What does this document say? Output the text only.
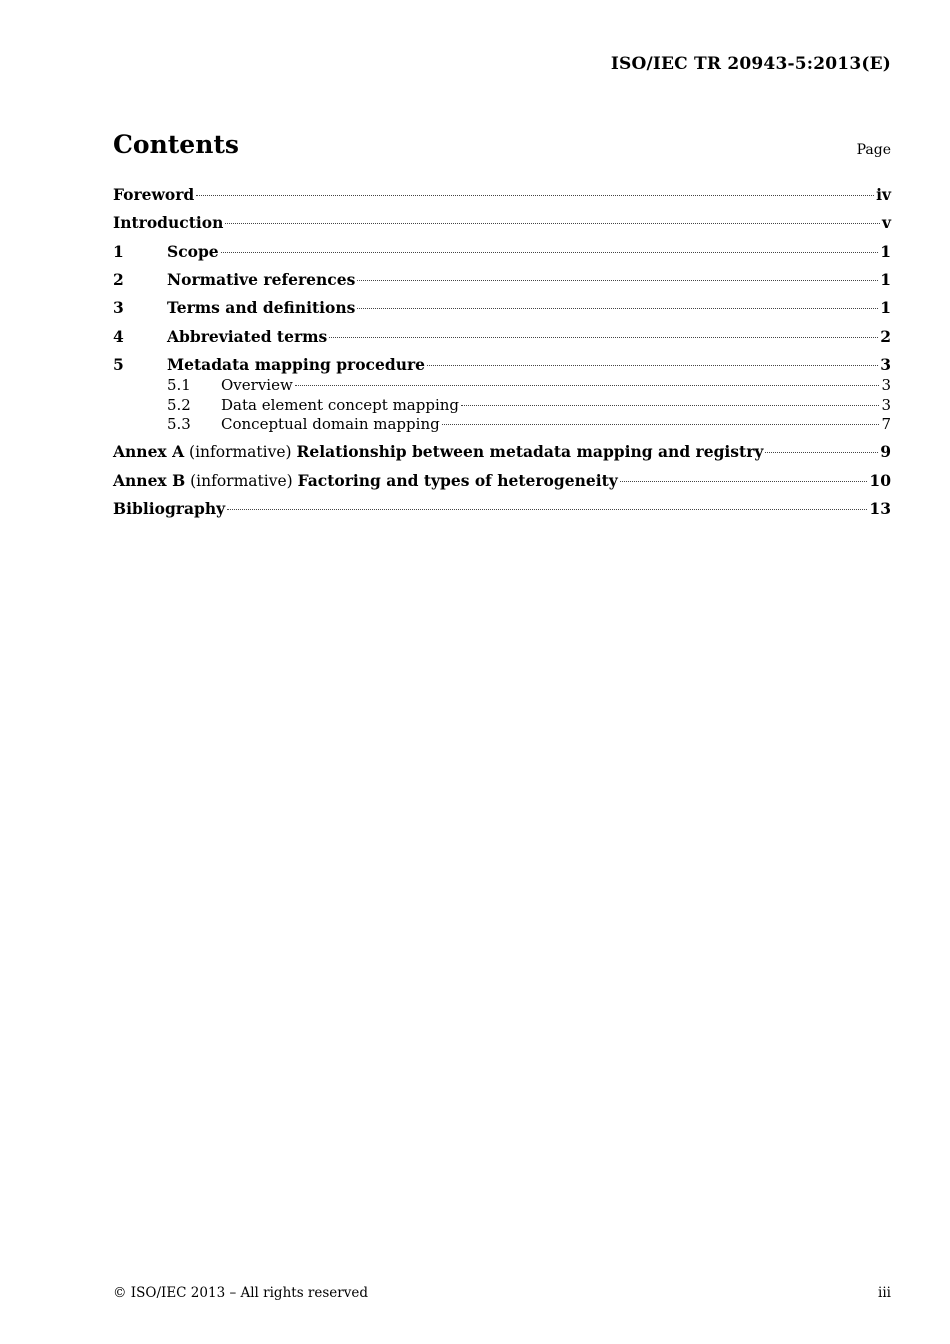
ISO/IEC TR 20943-5:2013(E)
Contents	Page
Foreword	iv
Introduction	v
1	Scope	1
2	Normative references	1
3	Terms and definitions	1
4	Abbreviated terms	2
5	Metadata mapping procedure	3
5.1	Overview	3
5.2	Data element concept mapping	3
5.3	Conceptual domain mapping	7
Annex A (informative) Relationship between metadata mapping and registry	9
Annex B (informative) Factoring and types of heterogeneity	10
Bibliography	13
© ISO/IEC 2013 – All rights reserved	iii
